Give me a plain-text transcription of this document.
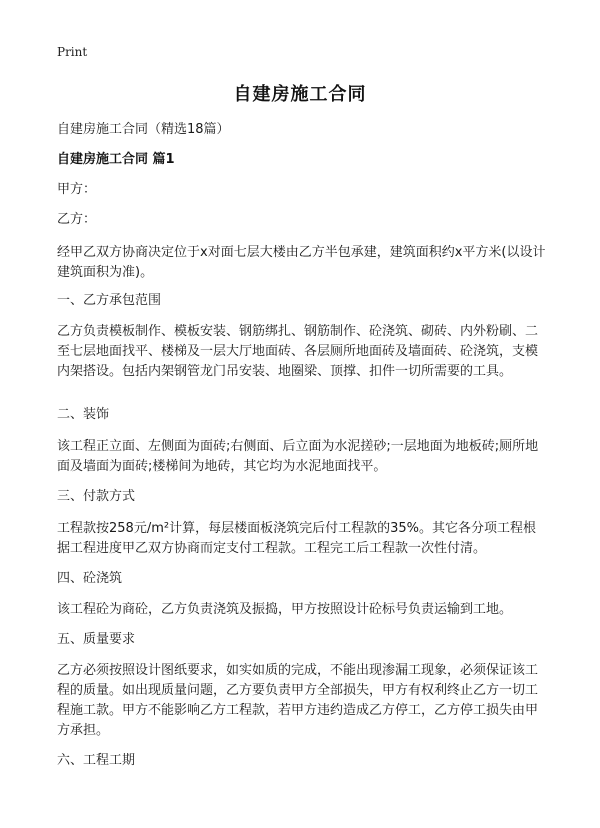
Print
自建房施工合同
自建房施工合同（精选18篇）
自建房施工合同 篇1
甲方：
乙方：
经甲乙双方协商决定位于x对面七层大楼由乙方半包承建，建筑面积约x平方米(以设计建筑面积为准)。
一、乙方承包范围
乙方负责模板制作、模板安装、钢筋绑扎、钢筋制作、砼浇筑、砌砖、内外粉刷、二至七层地面找平、楼梯及一层大厅地面砖、各层厕所地面砖及墙面砖、砼浇筑，支模内架搭设。包括内架钢管龙门吊安装、地圈梁、顶撑、扣件一切所需要的工具。
二、装饰
该工程正立面、左侧面为面砖;右侧面、后立面为水泥搓砂;一层地面为地板砖;厕所地面及墙面为面砖;楼梯间为地砖，其它均为水泥地面找平。
三、付款方式
工程款按258元/m²计算，每层楼面板浇筑完后付工程款的35%。其它各分项工程根据工程进度甲乙双方协商而定支付工程款。工程完工后工程款一次性付清。
四、砼浇筑
该工程砼为商砼，乙方负责浇筑及振捣，甲方按照设计砼标号负责运输到工地。
五、质量要求
乙方必须按照设计图纸要求，如实如质的完成，不能出现渗漏工现象，必须保证该工程的质量。如出现质量问题，乙方要负责甲方全部损失，甲方有权利终止乙方一切工程施工款。甲方不能影响乙方工程款，若甲方违约造成乙方停工，乙方停工损失由甲方承担。
六、工程工期
